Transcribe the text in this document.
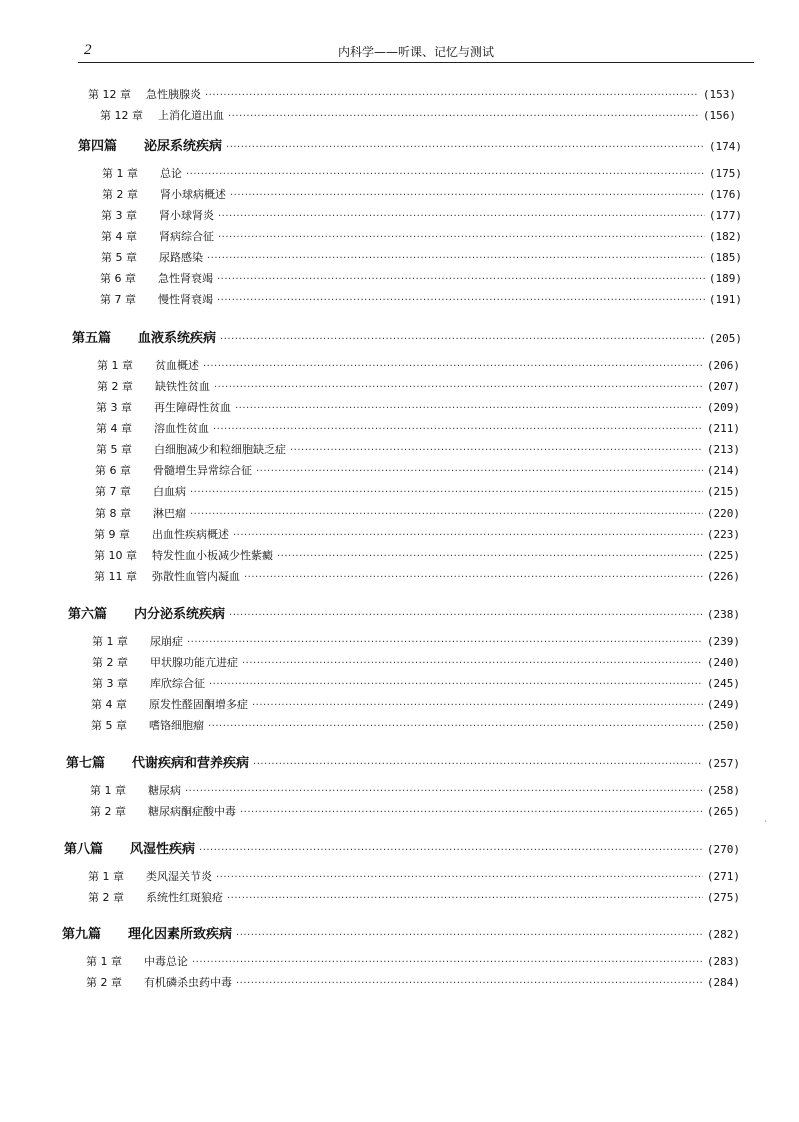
2	内科学——听课、记忆与测试
第 12 章	急性胰腺炎 ·····	(153)
第 12 章	上消化道出血 ·····	(156)
第四篇	泌尿系统疾病 ·····	(174)
第 1 章	总论 ·····	(175)
第 2 章	肾小球病概述 ·····	(176)
第 3 章	肾小球肾炎 ·····	(177)
第 4 章	肾病综合征 ·····	(182)
第 5 章	尿路感染 ·····	(185)
第 6 章	急性肾衰竭 ·····	(189)
第 7 章	慢性肾衰竭 ·····	(191)
第五篇	血液系统疾病 ·····	(205)
第 1 章	贫血概述 ·····	(206)
第 2 章	缺铁性贫血 ·····	(207)
第 3 章	再生障碍性贫血 ·····	(209)
第 4 章	溶血性贫血 ·····	(211)
第 5 章	白细胞减少和粒细胞缺乏症 ·····	(213)
第 6 章	骨髓增生异常综合征 ·····	(214)
第 7 章	白血病 ·····	(215)
第 8 章	淋巴瘤 ·····	(220)
第 9 章	出血性疾病概述 ·····	(223)
第 10 章	特发性血小板减少性紫癜 ·····	(225)
第 11 章	弥散性血管内凝血 ·····	(226)
第六篇	内分泌系统疾病 ·····	(238)
第 1 章	尿崩症 ·····	(239)
第 2 章	甲状腺功能亢进症 ·····	(240)
第 3 章	库欣综合征 ·····	(245)
第 4 章	原发性醛固酮增多症 ·····	(249)
第 5 章	嗜铬细胞瘤 ·····	(250)
第七篇	代谢疾病和营养疾病 ·····	(257)
第 1 章	糖尿病 ·····	(258)
第 2 章	糖尿病酮症酸中毒 ·····	(265)
第八篇	风湿性疾病 ·····	(270)
第 1 章	类风湿关节炎 ·····	(271)
第 2 章	系统性红斑狼疮 ·····	(275)
第九篇	理化因素所致疾病 ·····	(282)
第 1 章	中毒总论 ·····	(283)
第 2 章	有机磷杀虫药中毒 ·····	(284)
`
